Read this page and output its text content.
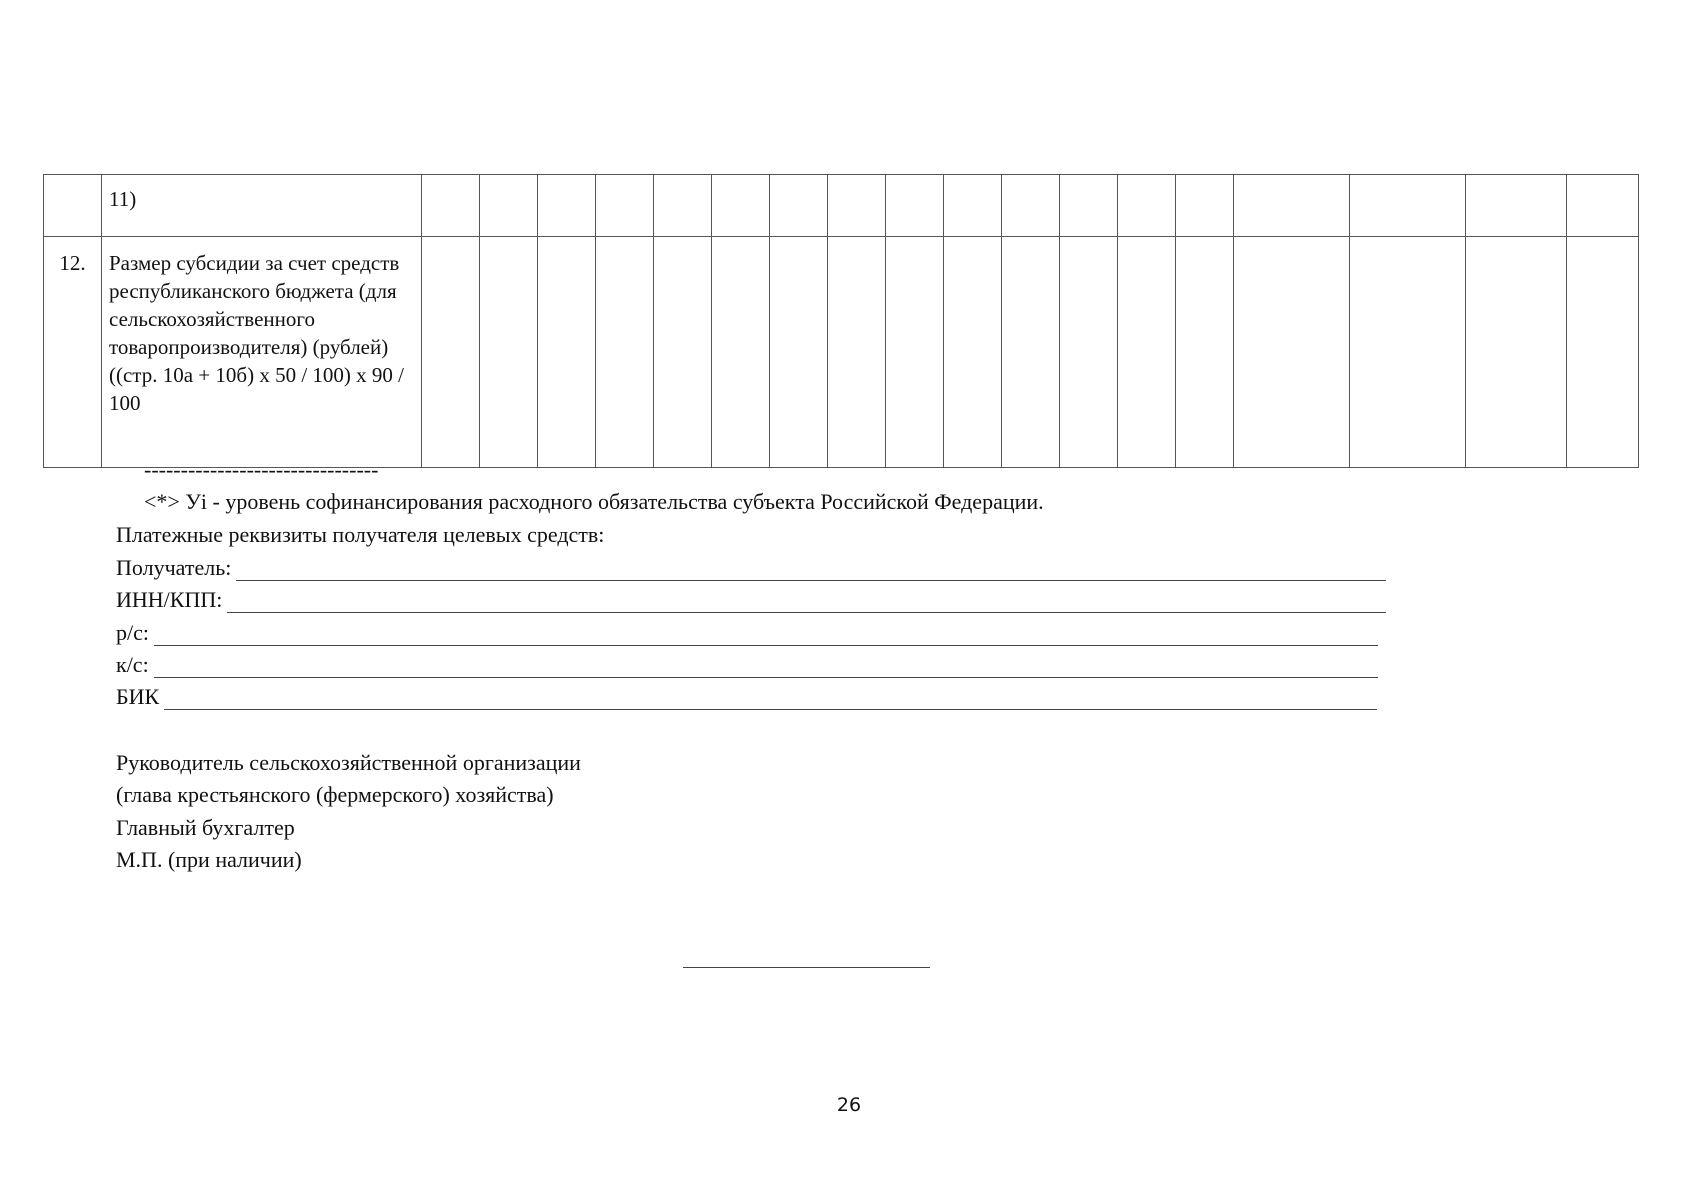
	11)																		
12.	Размер субсидии за счет средств республиканского бюджета (для сельскохозяйственного товаропроизводителя) (рублей) ((стр. 10а + 10б) x 50 / 100) x 90 / 100																		
--------------------------------
<*> Уi - уровень софинансирования расходного обязательства субъекта Российской Федерации.
Платежные реквизиты получателя целевых средств:
Получатель:
ИНН/КПП:
р/с:
к/с:
БИК
Руководитель сельскохозяйственной организации
(глава крестьянского (фермерского) хозяйства)
Главный бухгалтер
М.П. (при наличии)
26
